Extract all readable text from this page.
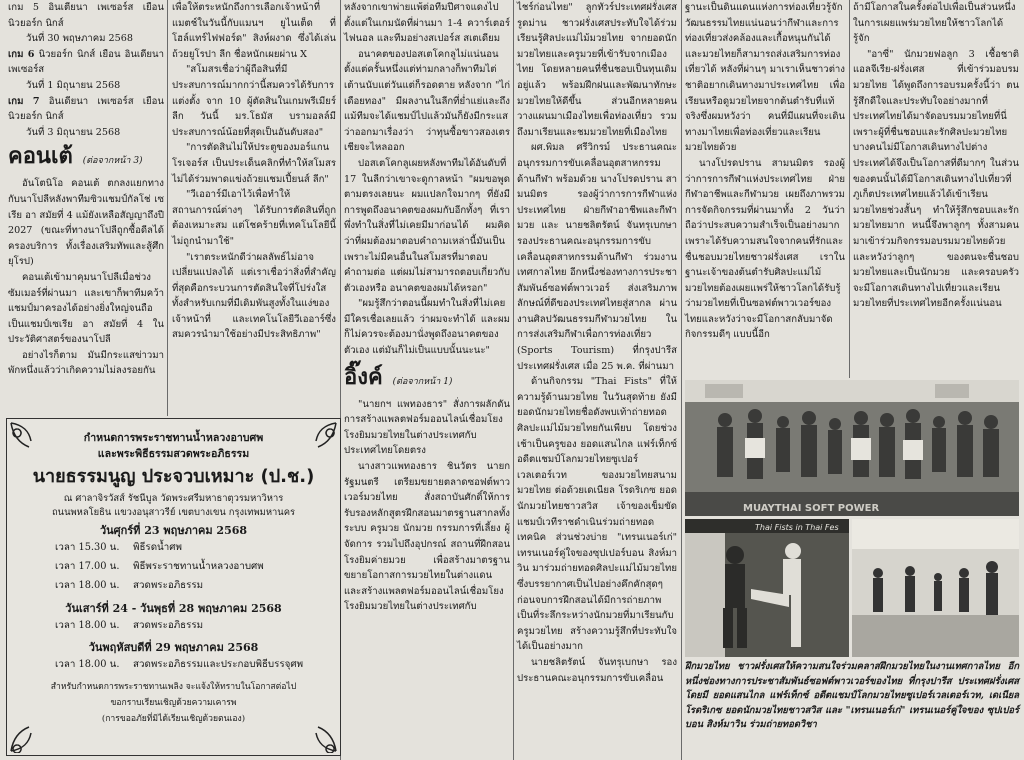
เกม 5 อินเตียนา เพเซอร์ส เยือน นิวยอร์ก นิกส์
วันที่ 30 พฤษภาคม 2568
เกม 6 นิวยอร์ก นิกส์ เยือน อินเดียนา เพเซอร์ส
วันที่ 1 มิถุนายน 2568
เกม 7 อินเดียนา เพเซอร์ส เยือน นิวยอร์ก นิกส์
วันที่ 3 มิถุนายน 2568
คอนเต้ (ต่อจากหน้า 3)

อันโตนิโอ คอนเต้ ตกลงแยกทางกับนาโปลีหลังพาทีมซิวแชมป์กัลโช่ เซเรีย อา สมัยที่ 4 แม้ยังเหลือสัญญาถึงปี 2027 (ขณะที่ทางนาโปลีถูกซื้อดีลได้ครองบริการ ทั้งเรื่องเสริมทัพและสู้ศึกยุโรป)

คอนเต้เข้ามาคุมนาโปลีเมื่อช่วงซัมเมอร์ที่ผ่านมา และเขาก็พาทีมคว้าแชมป์มาครองได้อย่างยิ่งใหญ่จนถือเป็นแชมป์เซเรีย อา สมัยที่ 4 ในประวัติศาสตร์ของนาโปลี

อย่างไรก็ตาม มันมีกระแสข่าวมาพักหนึ่งแล้วว่าเกิดความไม่ลงรอยกัน

เพื่อให้ตระหนักถึงการเลือกเจ้าหน้าที่แมตช์ในวันนี้กับแมนฯ ยูไนเต็ด ที่โฮล์แทร์ไฟฟอร์ด" สิงห์ผงาด ซึ่งได้เล่นถ้วยยูโรปา ลีก ชื่อหนักเผยผ่าน X

"สโมสรเชื่อว่าผู้ถือสินที่มีประสบการณ์มากกว่านี้สมควรได้รับการแต่งตั้ง จาก 10 ผู้ตัดสินในเกมพรีเมียร์ลีก วันนี้ มร.โธมัส บรามอลล์มีประสบการณ์น้อยที่สุดเป็นอันดับสอง"

"การตัดสินไม่ให้ประตูของมอร์แกน โรเจอร์ส เป็นประเด็นคลิกที่ทำให้สโมสรไม่ได้ร่วมพาดแข่งถ้วยแชมเปี้ยนส์ ลีก"

"วีเออาร์มีเอาไว้เพื่อทำให้สถานการณ์ต่างๆ ได้รับการตัดสินที่ถูกต้องเหมาะสม แต่โชคร้ายที่เทคโนโลยีนี้ไม่ถูกนำมาใช้"

"เราตระหนักดีว่าผลลัพธ์ไม่อาจเปลี่ยนแปลงได้ แต่เราเชื่อว่าสิ่งที่สำคัญที่สุดคือกระบวนการตัดสินใจที่โปร่งใส ทั้งสำหรับเกมที่มีเดิมพันสูงทั้งในแง่ของเจ้าหน้าที่ และเทคโนโลยีวีเออาร์ซึ่งสมควรนำมาใช้อย่างมีประสิทธิภาพ"

กำหนดการพระราชทานน้ำหลวงอาบศพ
และพระพิธีธรรมสวดพระอภิธรรม
นายธรรมนูญ ประจวบเหมาะ (ป.ช.)
ณ ศาลาจิรวัสส์ รัชนีบูล วัดพระศรีมหาธาตุวรมหาวิหาร
ถนนพหลโยธิน แขวงอนุสาวรีย์ เขตบางเขน กรุงเทพมหานคร
วันศุกร์ที่ 23 พฤษภาคม 2568
เวลา 15.30 น. พิธีรดน้ำศพ
เวลา 17.00 น. พิธีพระราชทานน้ำหลวงอาบศพ
เวลา 18.00 น. สวดพระอภิธรรม
วันเสาร์ที่ 24 - วันพุธที่ 28 พฤษภาคม 2568
เวลา 18.00 น. สวดพระอภิธรรม
วันพฤหัสบดีที่ 29 พฤษภาคม 2568
เวลา 18.00 น. สวดพระอภิธรรมและประกอบพิธีบรรจุศพ
สำหรับกำหนดการพระราชทานเพลิง จะแจ้งให้ทราบในโอกาสต่อไป
ขอกราบเรียนเชิญด้วยความเคารพ
(การขออภัยที่มิได้เรียนเชิญด้วยตนเอง)

หลังจากเขาพ่ายแพ้ต่อทีมปีศาจแดงไปตั้งแต่ในเกมนัดที่ผ่านมา 1-4 ควาร์เตอร์ไฟนอล และทีมอย่างสเปอร์ส สเตเดียม

อนาคตของปอสเตโคกลูไม่แน่นอนตั้งแต่ครั้นหนึ่งแต่ท่ามกลางก็พาทีมไต่เต้านนับแต่วันแต่ก็รอดตาย หลังจาก "ไก่เดือยทอง" มีผลงานในลีกที่ย่ำแย่และถึงแม้ทีมจะได้แชมป์ไปแล้วมันก็ยังมีกระแสว่าออกมาเรื่องว่า ว่าทุนซื้อขาวสองเตรเชียจะไหลออก

ปอสเตโคกลูเผยหลังพาทีมได้อันดับที่ 17 ในลีกว่าเขาจะดูกาลหน้า "ผมขอพูดตามตรงเลยนะ ผมแปลกใจมากๆ ที่ยังมีการพูดถึงอนาคตของผมกับอีกทั้งๆ ที่เราพึ่งทำในสิ่งที่ไม่เคยมีมาก่อนได้ ผมคิดว่าที่ผมต้องมาตอบคำถามเหล่านี้มันเป็นเพราะไม่มีคนอื่นในสโมสรที่มาตอบคำถามต่อ แต่ผมไม่สามารถตอบเกี่ยวกับตัวเองหรือ อนาคตของผมได้หรอก"

"ผมรู้สึกว่าตอนนี้ผมทำในสิ่งที่ไม่เคยมีใครเชื่อเลยแล้ว ว่าผมจะทำได้ และผมก็ไม่ควรจะต้องมานั่งพูดถึงอนาคตของตัวเอง แต่มันก็ไม่เป็นแบบนั้นนะนะ"

อิ๊งค์ (ต่อจากหน้า 1)

"นายกฯ แพทองธาร" สั่งการผลักดันการสร้างแพลตฟอร์มออนไลน์เชื่อมโยงโรงยิมมวยไทยในต่างประเทศกับประเทศไทยโดยตรง

นางสาวแพทองธาร ชินวัตร นายกรัฐมนตรี เตรียมขยายตลาดซอฟต์พาวเวอร์มวยไทย สั่งสถาบันศักดิ์ให้การรับรองหลักสูตรฝึกสอนมาตรฐานสากลทั้งระบบ ครูมวย นักมวย กรรมการที่เลี้ยง ผู้จัดการ รวมไปถึงอุปกรณ์ สถานที่ฝึกสอน โรงยิมค่ายมวย เพื่อสร้างมาตรฐาน ขยายโอกาสการมวยไทยในต่างแดน และสร้างแพลตฟอร์มออนไลน์เชื่อมโยงโรงยิมมวยไทยในต่างประเทศกับ

ไชร์ก่อนไทย" ลูกทัวร์ประเทศฝรั่งเศส รูดม่าน ชาวฝรั่งเศสประทับใจได้ร่วมเรียนรู้ศิลปะแม่ไม้มวยไทย จากยอดนักมวยไทยและครูมวยที่เข้ารับจากเมืองไทย โดยหลายคนที่ชื่นชอบเป็นทุนเดิมอยู่แล้ว พร้อมฝึกฝนและพัฒนาทักษะมวยไทยให้ดีขึ้น ส่วนอีกหลายคนวางแผนมาเมืองไทยเพื่อท่องเที่ยว รวมถึงมาเรียนและชมมวยไทยที่เมืองไทย

ผศ.พิมล ศรีวิกรม์ ประธานคณะอนุกรรมการขับเคลื่อนอุตสาหกรรมด้านกีฬา พร้อมด้วย นางโปรดปราน สามนมิตร รองผู้ว่าการการกีฬาแห่งประเทศไทย ฝ่ายกีฬาอาชีพและกีฬามวย และ นายชลิตรัตน์ จันทรุเบกษา รองประธานคณะอนุกรรมการขับเคลื่อนอุตสาหกรรมด้านกีฬา ร่วมงานเทศกาลไทย อีกหนึ่งช่องทางการประชาสัมพันธ์ซอฟต์พาวเวอร์ ส่งเสริมภาพลักษณ์ที่ดีของประเทศไทยสู่สากล ผ่านงานศิลปวัฒนธรรมกีฬามวยไทย ในการส่งเสริมกีฬาเพื่อการท่องเที่ยว (Sports Tourism) ที่กรุงปารีส ประเทศฝรั่งเศส เมื่อ 25 พ.ค. ที่ผ่านมา

ด้านกิจกรรม "Thai Fists" ที่ให้ความรู้ด้านมวยไทย ในวันสุดท้าย ยังมียอดนักมวยไทยชื่อดังพบเท้าถ่ายทอดศิลปะแม่ไม้มวยไทยกันเพียบ โดยช่วงเช้าเป็นครูของ ยอดแสนไกล แฟร์เท็กซ์ อดีตแชมป์โลกมวยไทยซูเปอร์เวลเตอร์เวท ของมวยไทยสนามมวยไทย ต่อด้วยเดเนียล โรดริเกซ ยอดนักมวยไทยชาวสวิส เจ้าของเข็มขัดแชมป์เวทีราชดำเนินร่วมถ่ายทอดเทคนิค ส่วนช่วงบ่าย "เทรนเนอร์เก่" เทรนเนอร์คู่ใจของซุปเปอร์บอน สิงห์มาวิน มาร่วมถ่ายทอดศิลปะแม่ไม้มวยไทย ซึ่งบรรยากาศเป็นไปอย่างคึกคักสุดๆ ก่อนจบการฝึกสอนได้มีการถ่ายภาพเป็นที่ระลึกระหว่างนักมวยที่มาเรียนกับครูมวยไทย สร้างความรู้สึกที่ประทับใจได้เป็นอย่างมาก

นายชลิตรัตน์ จันทรุเบกษา รองประธานคณะอนุกรรมการขับเคลื่อน

ฐานะเป็นดินแดนแห่งการท่องเที่ยวรู้จักวัฒนธรรมไทยแน่นอนว่ากีฬาและการท่องเที่ยวส่งคล้องและเกื้อหนุนกันได้และมวยไทยก็สามารถส่งเสริมการท่องเที่ยวได้ หลังที่ผ่านๆ มาเราเห็นชาวต่างชาติอยากเดินทางมาประเทศไทย เพื่อเรียนหรือดูมวยไทยจากต้นตำรับที่แท้จริงซึ่งผมหวังว่า คนที่มีแผนที่จะเดินทางมาไทยเพื่อท่องเที่ยวและเรียนมวยไทยด้วย

นางโปรดปราน สามนมิตร รองผู้ว่าการการกีฬาแห่งประเทศไทย ฝ่ายกีฬาอาชีพและกีฬามวย เผยถึงภาพรวมการจัดกิจกรรมที่ผ่านมาทั้ง 2 วันว่าถือว่าประสบความสำเร็จเป็นอย่างมาก เพราะได้รับความสนใจจากคนที่รักและชื่นชอบมวยไทยชาวฝรั่งเศส เราในฐานะเจ้าของต้นตำรับศิลปะแม่ไม้มวยไทยต้องเผยแพร่ให้ชาวโลกได้รับรู้ว่ามวยไทยที่เป็นซอฟต์พาวเวอร์ของไทยและหวังว่าจะมีโอกาสกลับมาจัดกิจกรรมดีๆ แบบนี้อีก

ถ้ามีโอกาสในครั้งต่อไปเพื่อเป็นส่วนหนึ่งในการเผยแพร่มวยไทยให้ชาวโลกได้รู้จัก

"อาซี่" นักมวยฟอลูก 3 เชื้อชาติแอลจีเรีย-ฝรั่งเศส ที่เข้าร่วมอบรมมวยไทย ได้พูดถึงการอบรมครั้งนี้ว่า ตนรู้สึกดีใจและประทับใจอย่างมากที่ประเทศไทยได้มาจัดอบรมมวยไทยที่นี่ เพราะผู้ที่ชื่นชอบและรักศิลปะมวยไทยบางคนไม่มีโอกาสเดินทางไปต่างประเทศได้จึงเป็นโอกาสที่ดีมากๆ ในส่วนของตนนั้นได้มีโอกาสเดินทางไปเที่ยวที่ภูเก็ตประเทศไทยแล้วได้เข้าเรียนมวยไทยช่วงสั้นๆ ทำให้รู้สึกชอบและรักมวยไทยมาก หนนี้จึงพาลูกๆ ทั้งสามคนมาเข้าร่วมกิจกรรมอบรมมวยไทยด้วย และหวังว่าลูกๆ ของตนจะชื่นชอบมวยไทยและเป็นนักมวย และครอบครัวจะมีโอกาสเดินทางไปเที่ยวและเรียนมวยไทยที่ประเทศไทยอีกครั้งแน่นอน

MUAYTHAI SOFT POWER
Thai Fists in Thai Fes
ฝึกมวยไทย ชาวฝรั่งเศสให้ความสนใจร่วมคลาสฝึกมวยไทยในงานเทศกาลไทย อีกหนึ่งช่องทางการประชาสัมพันธ์ซอฟต์พาวเวอร์ของไทย ที่กรุงปารีส ประเทศฝรั่งเศส โดยมี ยอดแสนไกล แฟร์เท็กซ์ อดีตแชมป์โลกมวยไทยซูเปอร์เวลเตอร์เวท, เดเนียล โรดริเกซ ยอดนักมวยไทยชาวสวิส และ "เทรนเนอร์เก่" เทรนเนอร์คู่ใจของ ซุปเปอร์บอน สิงห์มาวิน ร่วมถ่ายทอดวิชา
